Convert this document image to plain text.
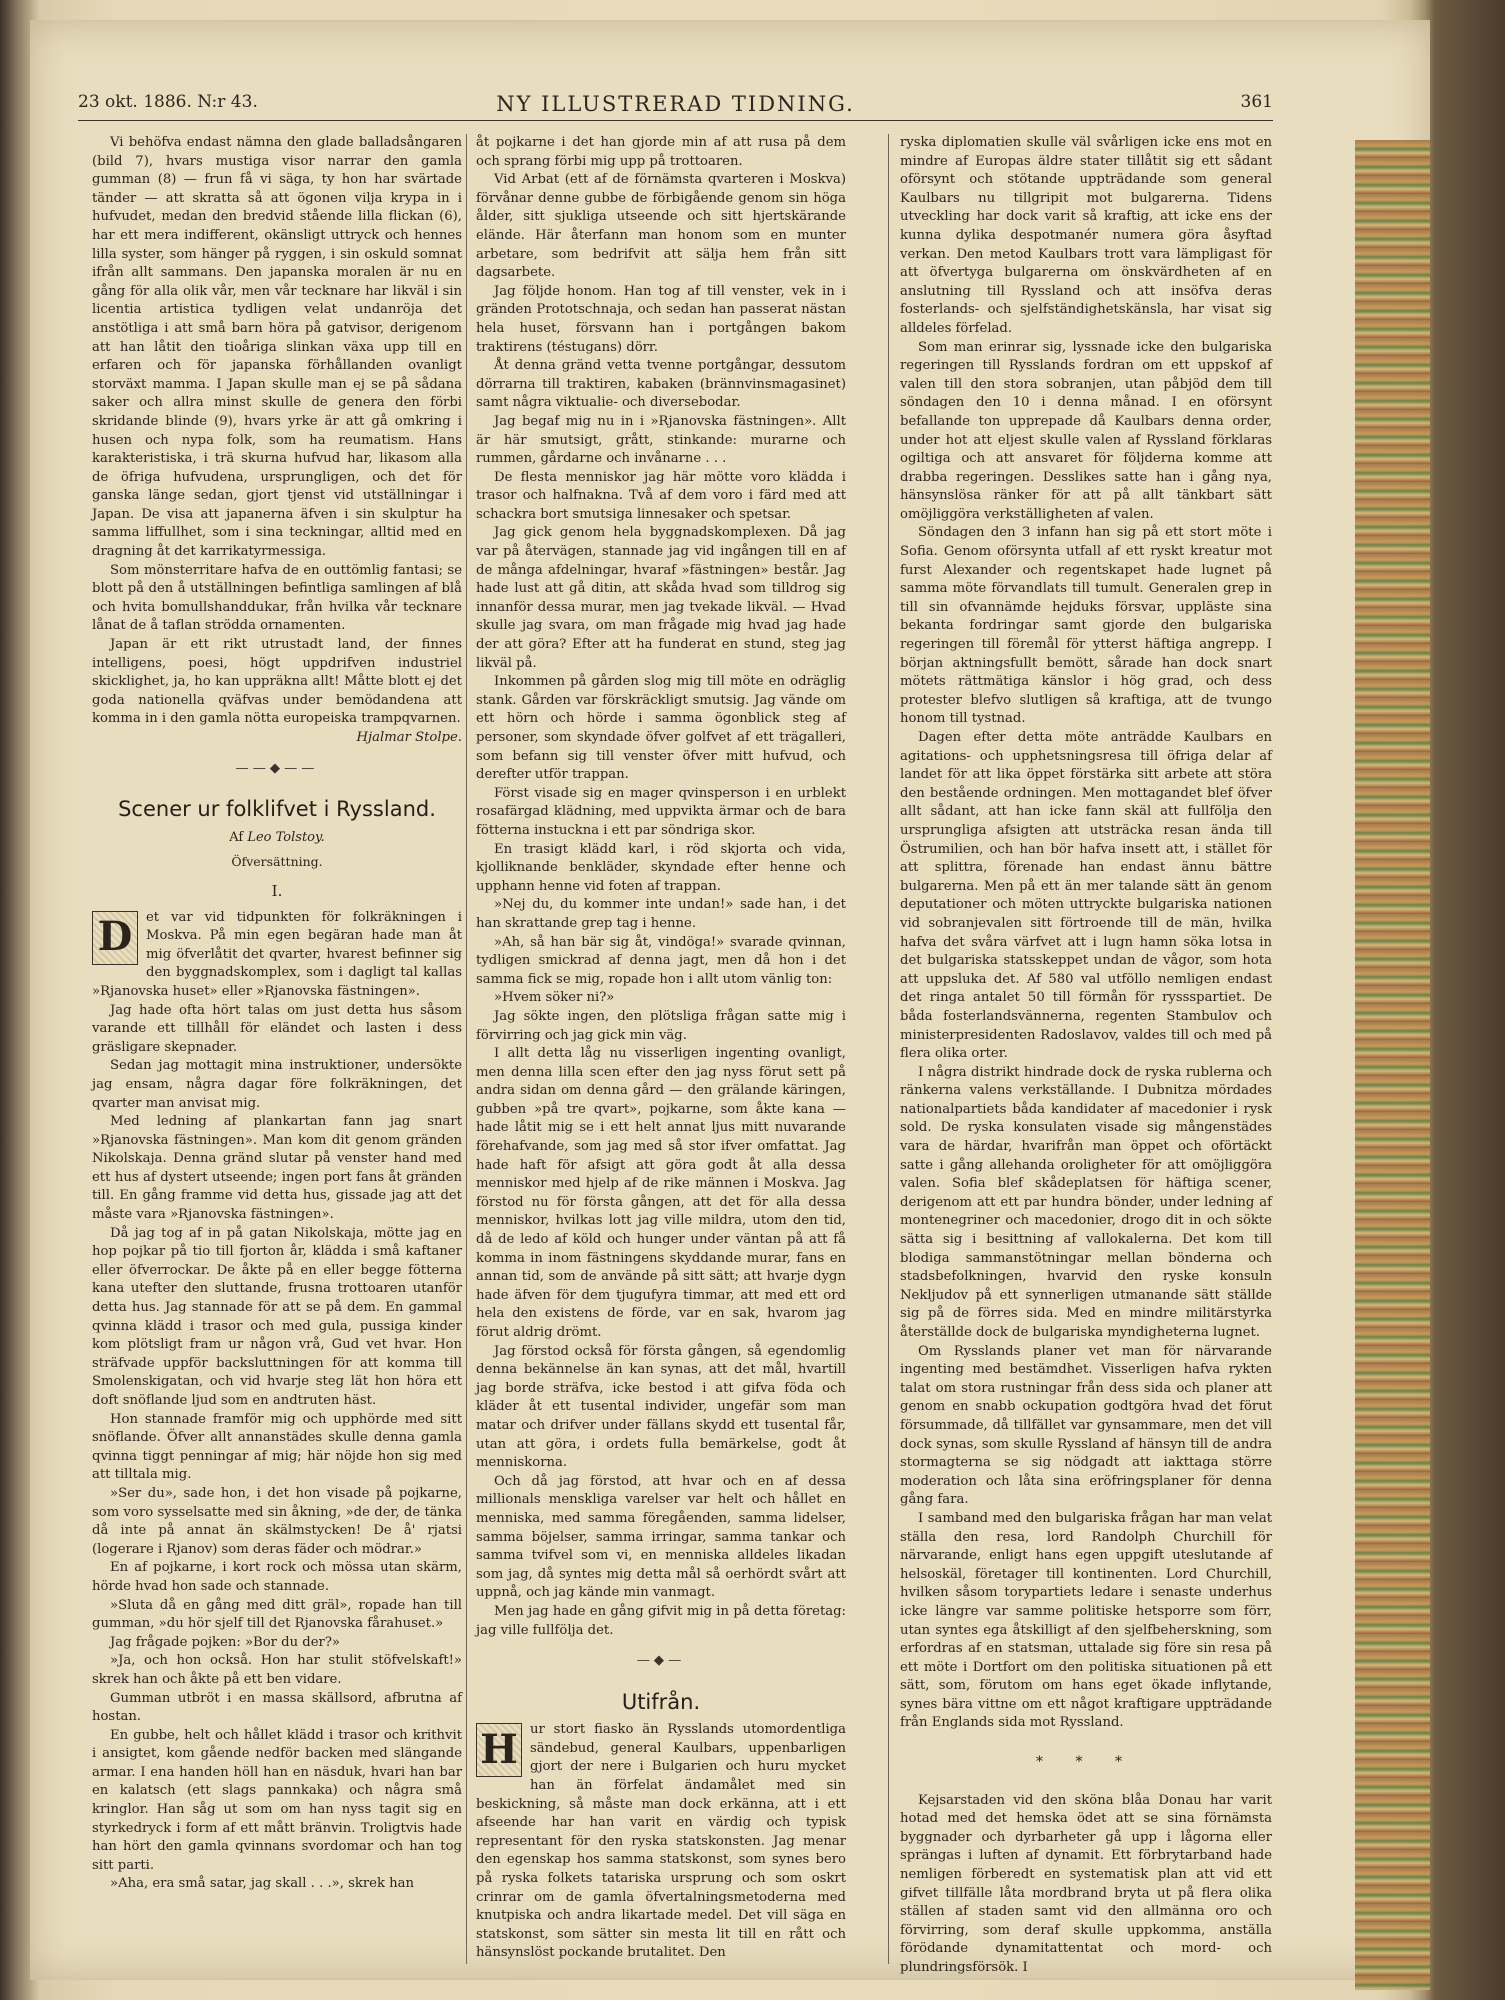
23 okt. 1886. N:r 43.	NY ILLUSTRERAD TIDNING.	361

Vi behöfva endast nämna den glade balladsångaren (bild 7), hvars mustiga visor narrar den gamla gumman (8) — frun få vi säga, ty hon har svärtade tänder — att skratta så att ögonen vilja krypa in i hufvudet, medan den bredvid stående lilla flickan (6), har ett mera indifferent, okänsligt uttryck och hennes lilla syster, som hänger på ryggen, i sin oskuld somnat ifrån allt sammans. Den japanska moralen är nu en gång för alla olik vår, men vår tecknare har likväl i sin licentia artistica tydligen velat undanröja det anstötliga i att små barn höra på gatvisor, derigenom att han låtit den tioåriga slinkan växa upp till en erfaren och för japanska förhållanden ovanligt storväxt mamma. I Japan skulle man ej se på sådana saker och allra minst skulle de genera den förbi skridande blinde (9), hvars yrke är att gå omkring i husen och nypa folk, som ha reumatism. Hans karakteristiska, i trä skurna hufvud har, likasom alla de öfriga hufvudena, ursprungligen, och det för ganska länge sedan, gjort tjenst vid utställningar i Japan. De visa att japanerna äfven i sin skulptur ha samma liffullhet, som i sina teckningar, alltid med en dragning åt det karrikatyrmessiga.

Som mönsterritare hafva de en outtömlig fantasi; se blott på den å utställningen befintliga samlingen af blå och hvita bomullshanddukar, från hvilka vår tecknare lånat de å taflan strödda ornamenten.

Japan är ett rikt utrustadt land, der finnes intelligens, poesi, högt uppdrifven industriel skicklighet, ja, ho kan uppräkna allt! Måtte blott ej det goda nationella qväfvas under bemödandena att komma in i den gamla nötta europeiska trampqvarnen.

Hjalmar Stolpe.

——◆——
Scener ur folklifvet i Ryssland.
Af Leo Tolstoy.
Öfversättning.
I.

D	et var vid tidpunkten för folkräkningen i Moskva. På min egen begäran hade man åt mig öfverlåtit det qvarter, hvarest befinner sig den byggnadskomplex, som i dagligt tal kallas »Rjanovska huset» eller »Rjanovska fästningen».

Jag hade ofta hört talas om just detta hus såsom varande ett tillhåll för eländet och lasten i dess gräsligare skepnader.

Sedan jag mottagit mina instruktioner, undersökte jag ensam, några dagar före folkräkningen, det qvarter man anvisat mig.

Med ledning af plankartan fann jag snart »Rjanovska fästningen». Man kom dit genom gränden Nikolskaja. Denna gränd slutar på venster hand med ett hus af dystert utseende; ingen port fans åt gränden till. En gång framme vid detta hus, gissade jag att det måste vara »Rjanovska fästningen».

Då jag tog af in på gatan Nikolskaja, mötte jag en hop pojkar på tio till fjorton år, klädda i små kaftaner eller öfverrockar. De åkte på en eller begge fötterna kana utefter den sluttande, frusna trottoaren utanför detta hus. Jag stannade för att se på dem. En gammal qvinna klädd i trasor och med gula, pussiga kinder kom plötsligt fram ur någon vrå, Gud vet hvar. Hon sträfvade uppför backsluttningen för att komma till Smolenskigatan, och vid hvarje steg lät hon höra ett doft snöflande ljud som en andtruten häst.

Hon stannade framför mig och upphörde med sitt snöflande. Öfver allt annanstädes skulle denna gamla qvinna tiggt penningar af mig; här nöjde hon sig med att tilltala mig.

»Ser du», sade hon, i det hon visade på pojkarne, som voro sysselsatte med sin åkning, »de der, de tänka då inte på annat än skälmstycken! De å' rjatsi (logerare i Rjanov) som deras fäder och mödrar.»

En af pojkarne, i kort rock och mössa utan skärm, hörde hvad hon sade och stannade.

»Sluta då en gång med ditt gräl», ropade han till gumman, »du hör sjelf till det Rjanovska fårahuset.»

Jag frågade pojken: »Bor du der?»

»Ja, och hon också. Hon har stulit stöfvelskaft!» skrek han och åkte på ett ben vidare.

Gumman utbröt i en massa skällsord, afbrutna af hostan.

En gubbe, helt och hållet klädd i trasor och krithvit i ansigtet, kom gående nedför backen med slängande armar. I ena handen höll han en näsduk, hvari han bar en kalatsch (ett slags pannkaka) och några små kringlor. Han såg ut som om han nyss tagit sig en styrkedryck i form af ett mått bränvin. Troligtvis hade han hört den gamla qvinnans svordomar och han tog sitt parti.

»Aha, era små satar, jag skall . . .», skrek han

åt pojkarne i det han gjorde min af att rusa på dem och sprang förbi mig upp på trottoaren.

Vid Arbat (ett af de förnämsta qvarteren i Moskva) förvånar denne gubbe de förbigående genom sin höga ålder, sitt sjukliga utseende och sitt hjertskärande elände. Här återfann man honom som en munter arbetare, som bedrifvit att sälja hem från sitt dagsarbete.

Jag följde honom. Han tog af till venster, vek in i gränden Prototschnaja, och sedan han passerat nästan hela huset, försvann han i portgången bakom traktirens (téstugans) dörr.

Åt denna gränd vetta tvenne portgångar, dessutom dörrarna till traktiren, kabaken (brännvinsmagasinet) samt några viktualie- och diversebodar.

Jag begaf mig nu in i »Rjanovska fästningen». Allt är här smutsigt, grått, stinkande: murarne och rummen, gårdarne och invånarne . . .

De flesta menniskor jag här mötte voro klädda i trasor och halfnakna. Två af dem voro i färd med att schackra bort smutsiga linnesaker och spetsar.

Jag gick genom hela byggnadskomplexen. Då jag var på återvägen, stannade jag vid ingången till en af de många afdelningar, hvaraf »fästningen» består. Jag hade lust att gå ditin, att skåda hvad som tilldrog sig innanför dessa murar, men jag tvekade likväl. — Hvad skulle jag svara, om man frågade mig hvad jag hade der att göra? Efter att ha funderat en stund, steg jag likväl på.

Inkommen på gården slog mig till möte en odräglig stank. Gården var förskräckligt smutsig. Jag vände om ett hörn och hörde i samma ögonblick steg af personer, som skyndade öfver golfvet af ett trägalleri, som befann sig till venster öfver mitt hufvud, och derefter utför trappan.

Först visade sig en mager qvinsperson i en urblekt rosafärgad klädning, med uppvikta ärmar och de bara fötterna instuckna i ett par söndriga skor.

En trasigt klädd karl, i röd skjorta och vida, kjolliknande benkläder, skyndade efter henne och upphann henne vid foten af trappan.

»Nej du, du kommer inte undan!» sade han, i det han skrattande grep tag i henne.

»Ah, så han bär sig åt, vindöga!» svarade qvinnan, tydligen smickrad af denna jagt, men då hon i det samma fick se mig, ropade hon i allt utom vänlig ton:

»Hvem söker ni?»

Jag sökte ingen, den plötsliga frågan satte mig i förvirring och jag gick min väg.

I allt detta låg nu visserligen ingenting ovanligt, men denna lilla scen efter den jag nyss förut sett på andra sidan om denna gård — den grälande käringen, gubben »på tre qvart», pojkarne, som åkte kana — hade låtit mig se i ett helt annat ljus mitt nuvarande förehafvande, som jag med så stor ifver omfattat. Jag hade haft för afsigt att göra godt åt alla dessa menniskor med hjelp af de rike männen i Moskva. Jag förstod nu för första gången, att det för alla dessa menniskor, hvilkas lott jag ville mildra, utom den tid, då de ledo af köld och hunger under väntan på att få komma in inom fästningens skyddande murar, fans en annan tid, som de använde på sitt sätt; att hvarje dygn hade äfven för dem tjugufyra timmar, att med ett ord hela den existens de förde, var en sak, hvarom jag förut aldrig drömt.

Jag förstod också för första gången, så egendomlig denna bekännelse än kan synas, att det mål, hvartill jag borde sträfva, icke bestod i att gifva föda och kläder åt ett tusental individer, ungefär som man matar och drifver under fällans skydd ett tusental får, utan att göra, i ordets fulla bemärkelse, godt åt menniskorna.

Och då jag förstod, att hvar och en af dessa millionals menskliga varelser var helt och hållet en menniska, med samma föregåenden, samma lidelser, samma böjelser, samma irringar, samma tankar och samma tvifvel som vi, en menniska alldeles likadan som jag, då syntes mig detta mål så oerhördt svårt att uppnå, och jag kände min vanmagt.

Men jag hade en gång gifvit mig in på detta företag: jag ville fullfölja det.

—◆—
Utifrån.

H ur stort fiasko än Rysslands utomordentliga sändebud, general Kaulbars, uppenbarligen gjort der nere i Bulgarien och huru mycket han än förfelat ändamålet med sin beskickning, så måste man dock erkänna, att i ett afseende har han varit en värdig och typisk representant för den ryska statskonsten. Jag menar den egenskap hos samma statskonst, som synes bero på ryska folkets tatariska ursprung och som oskrt crinrar om de gamla öfvertalningsmetoderna med knutpiska och andra likartade medel. Det vill säga en statskonst, som sätter sin mesta lit till en rått och hänsynslöst pockande brutalitet. Den

ryska diplomatien skulle väl svårligen icke ens mot en mindre af Europas äldre stater tillåtit sig ett sådant oförsynt och stötande uppträdande som general Kaulbars nu tillgripit mot bulgarerna. Tidens utveckling har dock varit så kraftig, att icke ens der kunna dylika despotmanér numera göra åsyftad verkan. Den metod Kaulbars trott vara lämpligast för att öfvertyga bulgarerna om önskvärdheten af en anslutning till Ryssland och att insöfva deras fosterlands- och sjelfständighetskänsla, har visat sig alldeles förfelad.

Som man erinrar sig, lyssnade icke den bulgariska regeringen till Rysslands fordran om ett uppskof af valen till den stora sobranjen, utan påbjöd dem till söndagen den 10 i denna månad. I en oförsynt befallande ton upprepade då Kaulbars denna order, under hot att eljest skulle valen af Ryssland förklaras ogiltiga och att ansvaret för följderna komme att drabba regeringen. Desslikes satte han i gång nya, hänsynslösa ränker för att på allt tänkbart sätt omöjliggöra verkställigheten af valen.

Söndagen den 3 infann han sig på ett stort möte i Sofia. Genom oförsynta utfall af ett ryskt kreatur mot furst Alexander och regentskapet hade lugnet på samma möte förvandlats till tumult. Generalen grep in till sin ofvannämde hejduks försvar, uppläste sina bekanta fordringar samt gjorde den bulgariska regeringen till föremål för ytterst häftiga angrepp. I början aktningsfullt bemött, sårade han dock snart mötets rättmätiga känslor i hög grad, och dess protester blefvo slutligen så kraftiga, att de tvungo honom till tystnad.

Dagen efter detta möte anträdde Kaulbars en agitations- och upphetsningsresa till öfriga delar af landet för att lika öppet förstärka sitt arbete att störa den bestående ordningen. Men mottagandet blef öfver allt sådant, att han icke fann skäl att fullfölja den ursprungliga afsigten att utsträcka resan ända till Östrumilien, och han bör hafva insett att, i stället för att splittra, förenade han endast ännu bättre bulgarerna. Men på ett än mer talande sätt än genom deputationer och möten uttryckte bulgariska nationen vid sobranjevalen sitt förtroende till de män, hvilka hafva det svåra värfvet att i lugn hamn söka lotsa in det bulgariska statsskeppet undan de vågor, som hota att uppsluka det. Af 580 val utföllo nemligen endast det ringa antalet 50 till förmån för ryssspartiet. De båda fosterlandsvännerna, regenten Stambulov och ministerpresidenten Radoslavov, valdes till och med på flera olika orter.

I några distrikt hindrade dock de ryska rublerna och ränkerna valens verkställande. I Dubnitza mördades nationalpartiets båda kandidater af macedonier i rysk sold. De ryska konsulaten visade sig mångenstädes vara de härdar, hvarifrån man öppet och oförtäckt satte i gång allehanda oroligheter för att omöjliggöra valen. Sofia blef skådeplatsen för häftiga scener, derigenom att ett par hundra bönder, under ledning af montenegriner och macedonier, drogo dit in och sökte sätta sig i besittning af vallokalerna. Det kom till blodiga sammanstötningar mellan bönderna och stadsbefolkningen, hvarvid den ryske konsuln Nekljudov på ett synnerligen utmanande sätt ställde sig på de förres sida. Med en mindre militärstyrka återställde dock de bulgariska myndigheterna lugnet.

Om Rysslands planer vet man för närvarande ingenting med bestämdhet. Visserligen hafva rykten talat om stora rustningar från dess sida och planer att genom en snabb ockupation godtgöra hvad det förut försummade, då tillfället var gynsammare, men det vill dock synas, som skulle Ryssland af hänsyn till de andra stormagterna se sig nödgadt att iakttaga större moderation och låta sina eröfringsplaner för denna gång fara.

I samband med den bulgariska frågan har man velat ställa den resa, lord Randolph Churchill för närvarande, enligt hans egen uppgift uteslutande af helsoskäl, företager till kontinenten. Lord Churchill, hvilken såsom torypartiets ledare i senaste underhus icke längre var samme politiske hetsporre som förr, utan syntes ega åtskilligt af den sjelfbeherskning, som erfordras af en statsman, uttalade sig före sin resa på ett möte i Dortfort om den politiska situationen på ett sätt, som, förutom om hans eget ökade inflytande, synes bära vittne om ett något kraftigare uppträdande från Englands sida mot Ryssland.

* * *

Kejsarstaden vid den sköna blåa Donau har varit hotad med det hemska ödet att se sina förnämsta byggnader och dyrbarheter gå upp i lågorna eller sprängas i luften af dynamit. Ett förbrytarband hade nemligen förberedt en systematisk plan att vid ett gifvet tillfälle låta mordbrand bryta ut på flera olika ställen af staden samt vid den allmänna oro och förvirring, som deraf skulle uppkomma, anställa förödande dynamitattentat och mord- och plundringsförsök. I
